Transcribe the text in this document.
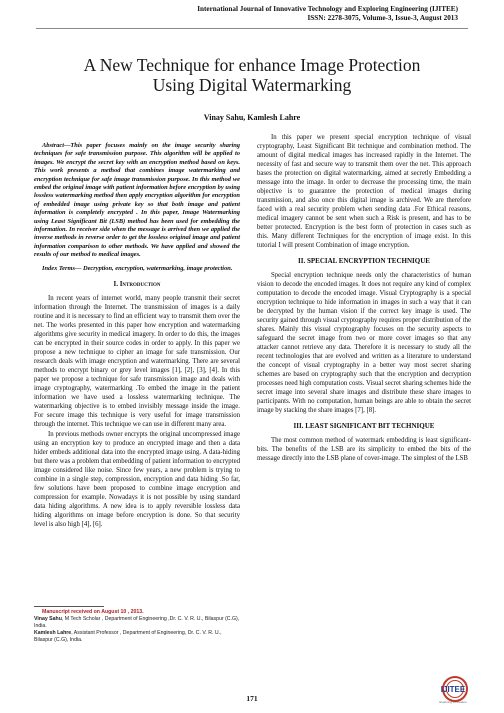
International Journal of Innovative Technology and Exploring Engineering (IJITEE)
ISSN: 2278-3075, Volume-3, Issue-3, August 2013
A New Technique for enhance Image Protection
Using Digital Watermarking
Vinay Sahu, Kamlesh Lahre

Abstract—This paper focuses mainly on the image security sharing techniques for safe transmission purpose. This algorithm will be applied to images. We encrypt the secret key with an encryption method based on keys. This work presents a method that combines image watermarking and encryption technique for safe image transmission purpose. In this method we embed the original image with patient information before encryption by using lossless watermarking method then apply encryption algorithm for encryption of embedded image using private key so that both image and patient information is completely encrypted . In this paper, Image Watermarking using Least Significant Bit (LSB) method has been used for embedding the information. In receiver side when the message is arrived then we applied the inverse methods in reverse order to get the lossless original image and patient information comparison to other methods. We have applied and showed the results of our method to medical images.

Index Terms— Decryption, encryption, watermarking, image protection.

I. Introduction

In recent years of internet world, many people transmit their secret information through the Internet. The transmission of images is a daily routine and it is necessary to find an efficient way to transmit them over the net. The works presented in this paper how encryption and watermarking algorithms give security in medical imagery. In order to do this, the images can be encrypted in their source codes in order to apply. In this paper we propose a new technique to cipher an image for safe transmission. Our research deals with image encryption and watermarking. There are several methods to encrypt binary or grey level images [1], [2], [3], [4]. In this paper we propose a technique for safe transmission image and deals with image cryptography, watermarking .To embed the image in the patient information we have used a lossless watermarking technique. The watermarking objective is to embed invisibly message inside the image. For secure image this technique is very useful for image transmission through the internet. This technique we can use in different many area.

In previous methods owner encrypts the original uncompressed image using an encryption key to produce an encrypted image and then a data hider embeds additional data into the encrypted image using. A data-hiding but there was a problem that embedding of patient information to encrypted image considered like noise. Since few years, a new problem is trying to combine in a single step, compression, encryption and data hiding .So far, few solutions have been proposed to combine image encryption and compression for example. Nowadays it is not possible by using standard data hiding algorithms. A new idea is to apply reversible lossless data hiding algorithms on image before encryption is done. So that security level is also high [4], [6].

In this paper we present special encryption technique of visual cryptography, Least Significant Bit technique and combination method. The amount of digital medical images has increased rapidly in the Internet. The necessity of fast and secure way to transmit them over the net. This approach bases the protection on digital watermarking, aimed at secretly Embedding a message into the image. In order to decrease the processing time, the main objective is to guarantee the protection of medical images during transmission, and also once this digital image is archived. We are therefore faced with a real security problem when sending data .For Ethical reasons, medical imagery cannot be sent when such a Risk is present, and has to be better protected. Encryption is the best form of protection in cases such as this. Many different Techniques for the encryption of image exist. In this tutorial I will present Combination of image encryption.

II. SPECIAL ENCRYPTION TECHNIQUE

Special encryption technique needs only the characteristics of human vision to decode the encoded images. It does not require any kind of complex computation to decode the encoded image. Visual Cryptography is a special encryption technique to hide information in images in such a way that it can be decrypted by the human vision if the correct key image is used. The security gained through visual cryptography requires proper distribution of the shares. Mainly this visual cryptography focuses on the security aspects to safeguard the secret image from two or more cover images so that any attacker cannot retrieve any data. Therefore it is necessary to study all the recent technologies that are evolved and written as a literature to understand the concept of visual cryptography in a better way most secret sharing schemes are based on cryptography such that the encryption and decryption processes need high computation costs. Visual secret sharing schemes hide the secret image into several share images and distribute these share images to participants. With no computation, human beings are able to obtain the secret image by stacking the share images [7], [8].

III. LEAST SIGNIFICANT BIT TECHNIQUE

The most common method of watermark embedding is least significant-bits. The benefits of the LSB are its simplicity to embed the bits of the message directly into the LSB plane of cover-image. The simplest of the LSB

Manuscript received on August 10 , 2013.
Vinay Sahu, M Tech Scholar , Department of Engineering ,Dr. C. V. R. U., Bilaspur (C.G), India.
Kamlesh Lahre, Assistant Professor , Department of Engineering, Dr. C. V. R. U., Bilaspur (C.G), India.
171
IJITEE
Exploring Innovation
